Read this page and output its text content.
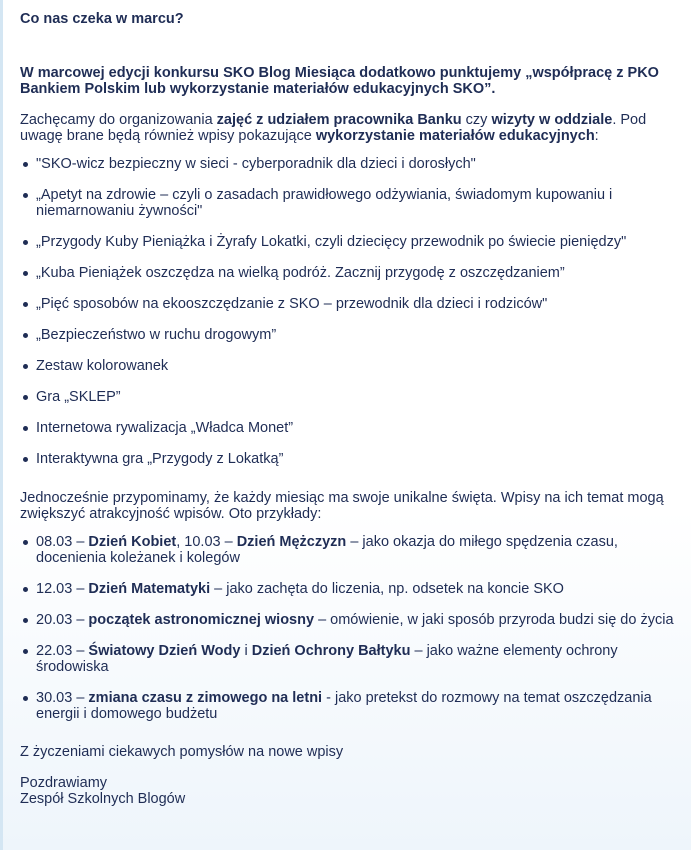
Co nas czeka w marcu?

W marcowej edycji konkursu SKO Blog Miesiąca dodatkowo punktujemy „współpracę z PKO Bankiem Polskim lub wykorzystanie materiałów edukacyjnych SKO”.

Zachęcamy do organizowania zajęć z udziałem pracownika Banku czy wizyty w oddziale. Pod uwagę brane będą również wpisy pokazujące wykorzystanie materiałów edukacyjnych:

"SKO-wicz bezpieczny w sieci - cyberporadnik dla dzieci i dorosłych"
„Apetyt na zdrowie – czyli o zasadach prawidłowego odżywiania, świadomym kupowaniu i niemarnowaniu żywności"
„Przygody Kuby Pieniążka i Żyrafy Lokatki, czyli dziecięcy przewodnik po świecie pieniędzy"
„Kuba Pieniążek oszczędza na wielką podróż. Zacznij przygodę z oszczędzaniem”
„Pięć sposobów na ekooszczędzanie z SKO – przewodnik dla dzieci i rodziców"
„Bezpieczeństwo w ruchu drogowym”
Zestaw kolorowanek
Gra „SKLEP”
Internetowa rywalizacja „Władca Monet”
Interaktywna gra „Przygody z Lokatką”

Jednocześnie przypominamy, że każdy miesiąc ma swoje unikalne święta. Wpisy na ich temat mogą zwiększyć atrakcyjność wpisów. Oto przykłady:

08.03 – Dzień Kobiet, 10.03 – Dzień Mężczyzn – jako okazja do miłego spędzenia czasu, docenienia koleżanek i kolegów
12.03 – Dzień Matematyki – jako zachęta do liczenia, np. odsetek na koncie SKO
20.03 – początek astronomicznej wiosny – omówienie, w jaki sposób przyroda budzi się do życia
22.03 – Światowy Dzień Wody i Dzień Ochrony Bałtyku – jako ważne elementy ochrony środowiska
30.03 – zmiana czasu z zimowego na letni - jako pretekst do rozmowy na temat oszczędzania energii i domowego budżetu

Z życzeniami ciekawych pomysłów na nowe wpisy

Pozdrawiamy

Zespół Szkolnych Blogów
